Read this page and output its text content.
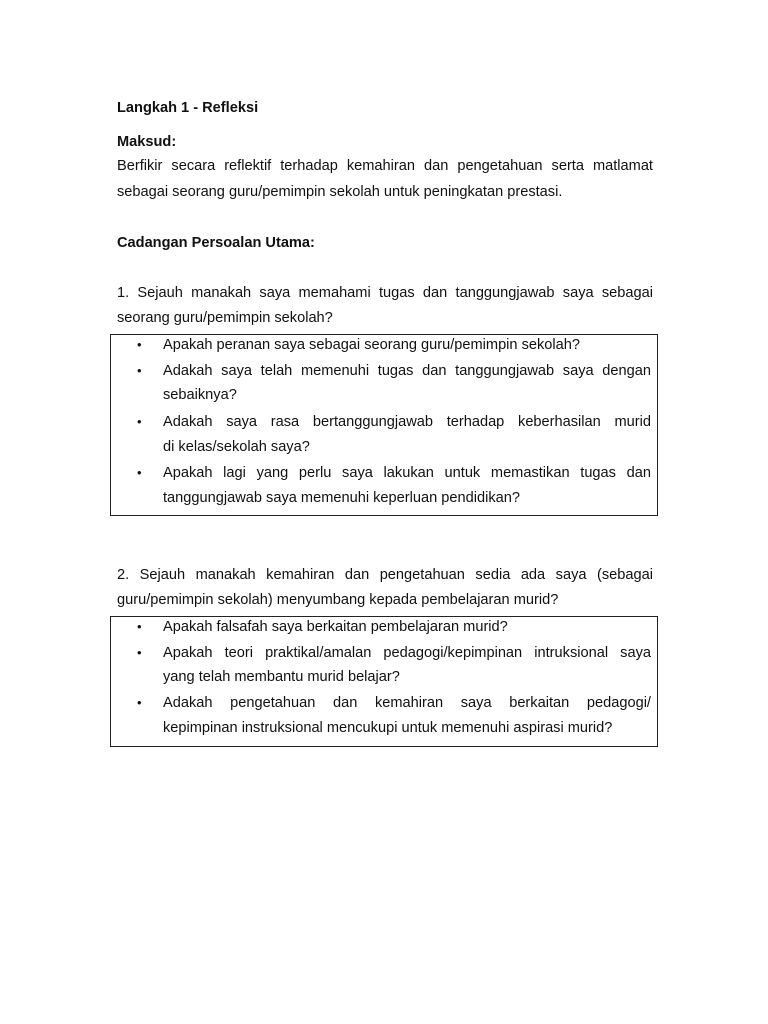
Langkah 1 - Refleksi
Maksud:
Berfikir secara reflektif terhadap kemahiran dan pengetahuan serta matlamat
sebagai seorang guru/pemimpin sekolah untuk peningkatan prestasi.
Cadangan Persoalan Utama:
1. Sejauh manakah saya memahami tugas dan tanggungjawab saya sebagai
seorang guru/pemimpin sekolah?
• Apakah peranan saya sebagai seorang guru/pemimpin sekolah?
• Adakah saya telah memenuhi tugas dan tanggungjawab saya dengan
sebaiknya?
• Adakah saya rasa bertanggungjawab terhadap keberhasilan murid
di kelas/sekolah saya?
• Apakah lagi yang perlu saya lakukan untuk memastikan tugas dan
tanggungjawab saya memenuhi keperluan pendidikan?
2. Sejauh manakah kemahiran dan pengetahuan sedia ada saya (sebagai
guru/pemimpin sekolah) menyumbang kepada pembelajaran murid?
• Apakah falsafah saya berkaitan pembelajaran murid?
• Apakah teori praktikal/amalan pedagogi/kepimpinan intruksional saya
yang telah membantu murid belajar?
• Adakah pengetahuan dan kemahiran saya berkaitan pedagogi/
kepimpinan instruksional mencukupi untuk memenuhi aspirasi murid?
